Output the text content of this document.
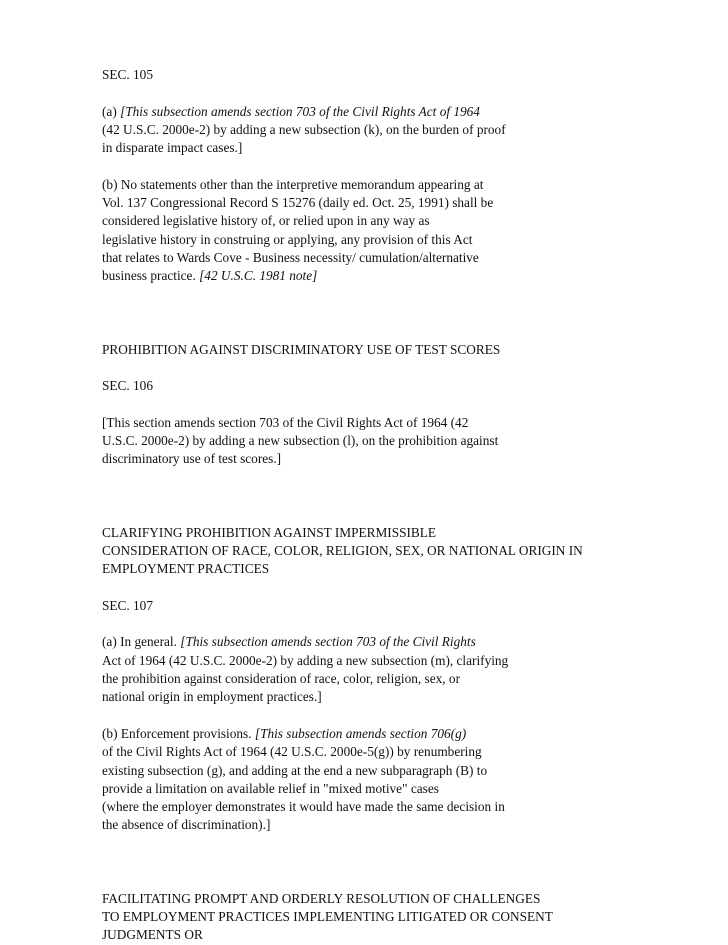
SEC. 105

(a) [This subsection amends section 703 of the Civil Rights Act of 1964
(42 U.S.C. 2000e-2) by adding a new subsection (k), on the burden of proof
in disparate impact cases.]

(b) No statements other than the interpretive memorandum appearing at
Vol. 137 Congressional Record S 15276 (daily ed. Oct. 25, 1991) shall be
considered legislative history of, or relied upon in any way as
legislative history in construing or applying, any provision of this Act
that relates to Wards Cove - Business necessity/ cumulation/alternative
business practice. [42 U.S.C. 1981 note]

PROHIBITION AGAINST DISCRIMINATORY USE OF TEST SCORES

SEC. 106

[This section amends section 703 of the Civil Rights Act of 1964 (42
U.S.C. 2000e-2) by adding a new subsection (l), on the prohibition against
discriminatory use of test scores.]

CLARIFYING PROHIBITION AGAINST IMPERMISSIBLE
CONSIDERATION OF RACE, COLOR, RELIGION, SEX, OR NATIONAL ORIGIN IN
EMPLOYMENT PRACTICES

SEC. 107

(a) In general. [This subsection amends section 703 of the Civil Rights
Act of 1964 (42 U.S.C. 2000e-2) by adding a new subsection (m), clarifying
the prohibition against consideration of race, color, religion, sex, or
national origin in employment practices.]

(b) Enforcement provisions. [This subsection amends section 706(g)
of the Civil Rights Act of 1964 (42 U.S.C. 2000e-5(g)) by renumbering
existing subsection (g), and adding at the end a new subparagraph (B) to
provide a limitation on available relief in "mixed motive" cases
(where the employer demonstrates it would have made the same decision in
the absence of discrimination).]

FACILITATING PROMPT AND ORDERLY RESOLUTION OF CHALLENGES
TO EMPLOYMENT PRACTICES IMPLEMENTING LITIGATED OR CONSENT
JUDGMENTS OR
